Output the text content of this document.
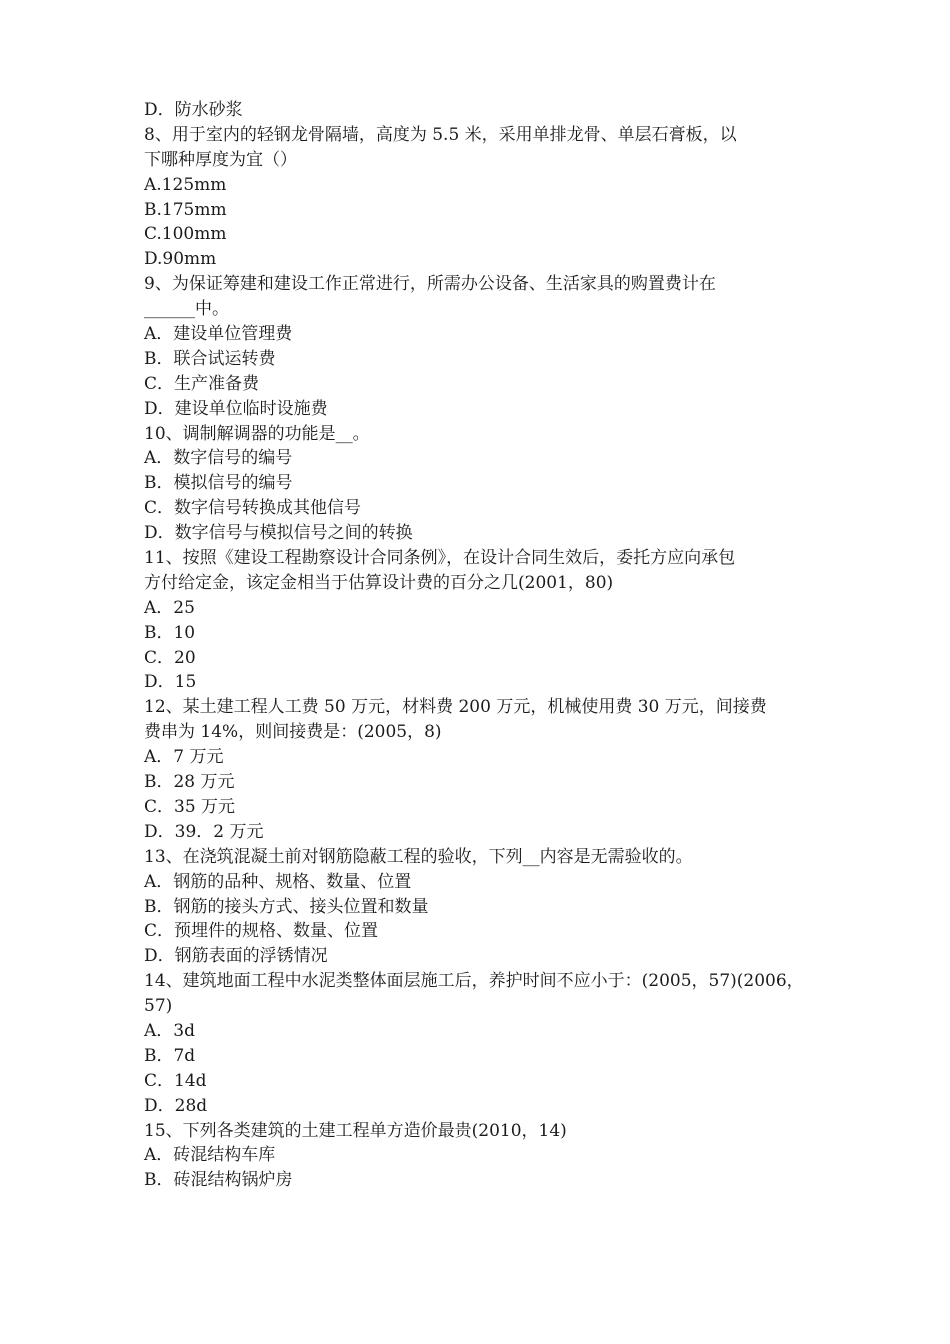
D．防水砂浆
8、用于室内的轻钢龙骨隔墙，高度为 5.5 米，采用单排龙骨、单层石膏板，以
下哪种厚度为宜（）
A.125mm
B.175mm
C.100mm
D.90mm
9、为保证筹建和建设工作正常进行，所需办公设备、生活家具的购置费计在
______中。
A．建设单位管理费
B．联合试运转费
C．生产准备费
D．建设单位临时设施费
10、调制解调器的功能是__。
A．数字信号的编号
B．模拟信号的编号
C．数字信号转换成其他信号
D．数字信号与模拟信号之间的转换
11、按照《建设工程勘察设计合同条例》，在设计合同生效后，委托方应向承包
方付给定金，该定金相当于估算设计费的百分之几(2001，80)
A．25
B．10
C．20
D．15
12、某土建工程人工费 50 万元，材料费 200 万元，机械使用费 30 万元，间接费
费串为 14%，则间接费是：(2005，8)
A．7 万元
B．28 万元
C．35 万元
D．39．2 万元
13、在浇筑混凝土前对钢筋隐蔽工程的验收，下列__内容是无需验收的。
A．钢筋的品种、规格、数量、位置
B．钢筋的接头方式、接头位置和数量
C．预埋件的规格、数量、位置
D．钢筋表面的浮锈情况
14、建筑地面工程中水泥类整体面层施工后，养护时间不应小于：(2005，57)(2006，
57)
A．3d
B．7d
C．14d
D．28d
15、下列各类建筑的土建工程单方造价最贵(2010，14)
A．砖混结构车库
B．砖混结构锅炉房
